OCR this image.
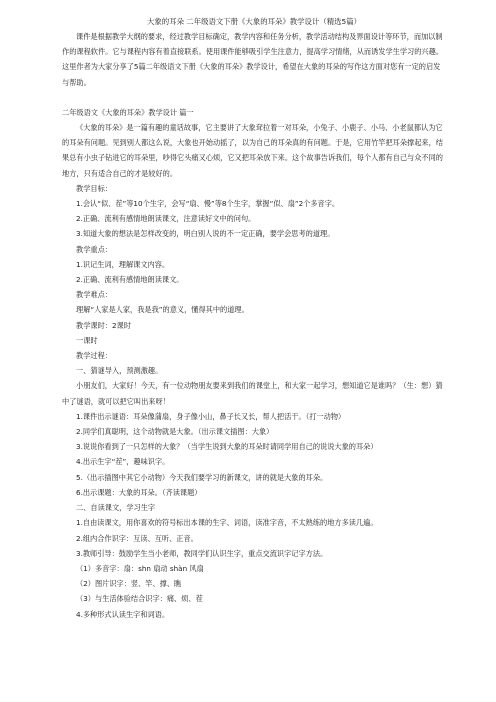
大象的耳朵 二年级语文下册《大象的耳朵》教学设计（精选5篇）

课件是根据教学大纲的要求，经过教学目标确定，教学内容和任务分析，教学活动结构及界面设计等环节，而加以制作的课程软件。它与课程内容有着直接联系。使用课件能够吸引学生注意力，提高学习情绪，从而诱发学生学习的兴趣。这里作者为大家分享了5篇二年级语文下册《大象的耳朵》教学设计，希望在大象的耳朵的写作这方面对您有一定的启发与帮助。

二年级语文《大象的耳朵》教学设计 篇一

《大象的耳朵》是一篇有趣的童话故事，它主要讲了大象耷拉着一对耳朵，小兔子、小鹿子、小马、小老鼠都认为它的耳朵有问题。见到别人都这么说，大象也开始动摇了，以为自己的耳朵真的有问题。于是，它用竹竿把耳朵撑起来，结果总有小虫子钻进它的耳朵里，吵得它头痛又心烦，它又把耳朵放下来。这个故事告诉我们，每个人都有自己与众不同的地方，只有适合自己的才是较好的。

教学目标：

1.会认“似、茬”等10个生字，会写“扇、慢”等8个生字，掌握“似、扇”2个多音字。

2.正确、流利有感情地朗读课文，注意读好文中的问句。

3.知道大象的想法是怎样改变的，明白别人说的不一定正确，要学会思考的道理。

教学重点：

1.识记生词，理解课文内容。

2.正确、流利有感情地朗读课文。

教学难点：

理解“人家是人家，我是我”的意义，懂得其中的道理。

教学课时：2课时

一课时

教学过程：

一、猜谜导入，预测激趣。

小朋友们，大家好！今天，有一位动物朋友要来到我们的课堂上，和大家一起学习，想知道它是谁吗？（生：想）猜中了谜语，就可以把它叫出来呀！

1.课件出示谜语：耳朵像蒲扇，身子像小山，鼻子长又长，帮人把活干。（打一动物）

2.同学们真聪明，这个动物就是大象。（出示课文插图：大象）

3.说说你看到了一只怎样的大象？（当学生说到大象的耳朵时请同学用自己的说说大象的耳朵）

4.出示生字“茬”，趣味识字。

5.（出示插图中其它小动物）今天我们要学习的新课文，讲的就是大象的耳朵。

6.出示课题：大象的耳朵。（齐读课题）

二、自读课文，学习生字

1.自由读课文，用你喜欢的符号标出本课的生字、词语，读准字音，不太熟练的地方多读几遍。

2.组内合作识字：互读、互听、正音。

3.教师引导：鼓励学生当小老师，教同学们认识生字，重点交流识字记字方法。

（1）多音字：扇：shn 扇动 shàn 风扇

（2）图片识字：竖、竿、撑、瞧

（3）与生活体验结合识字：痛、烦、茬

4.多种形式认读生字和词语。
